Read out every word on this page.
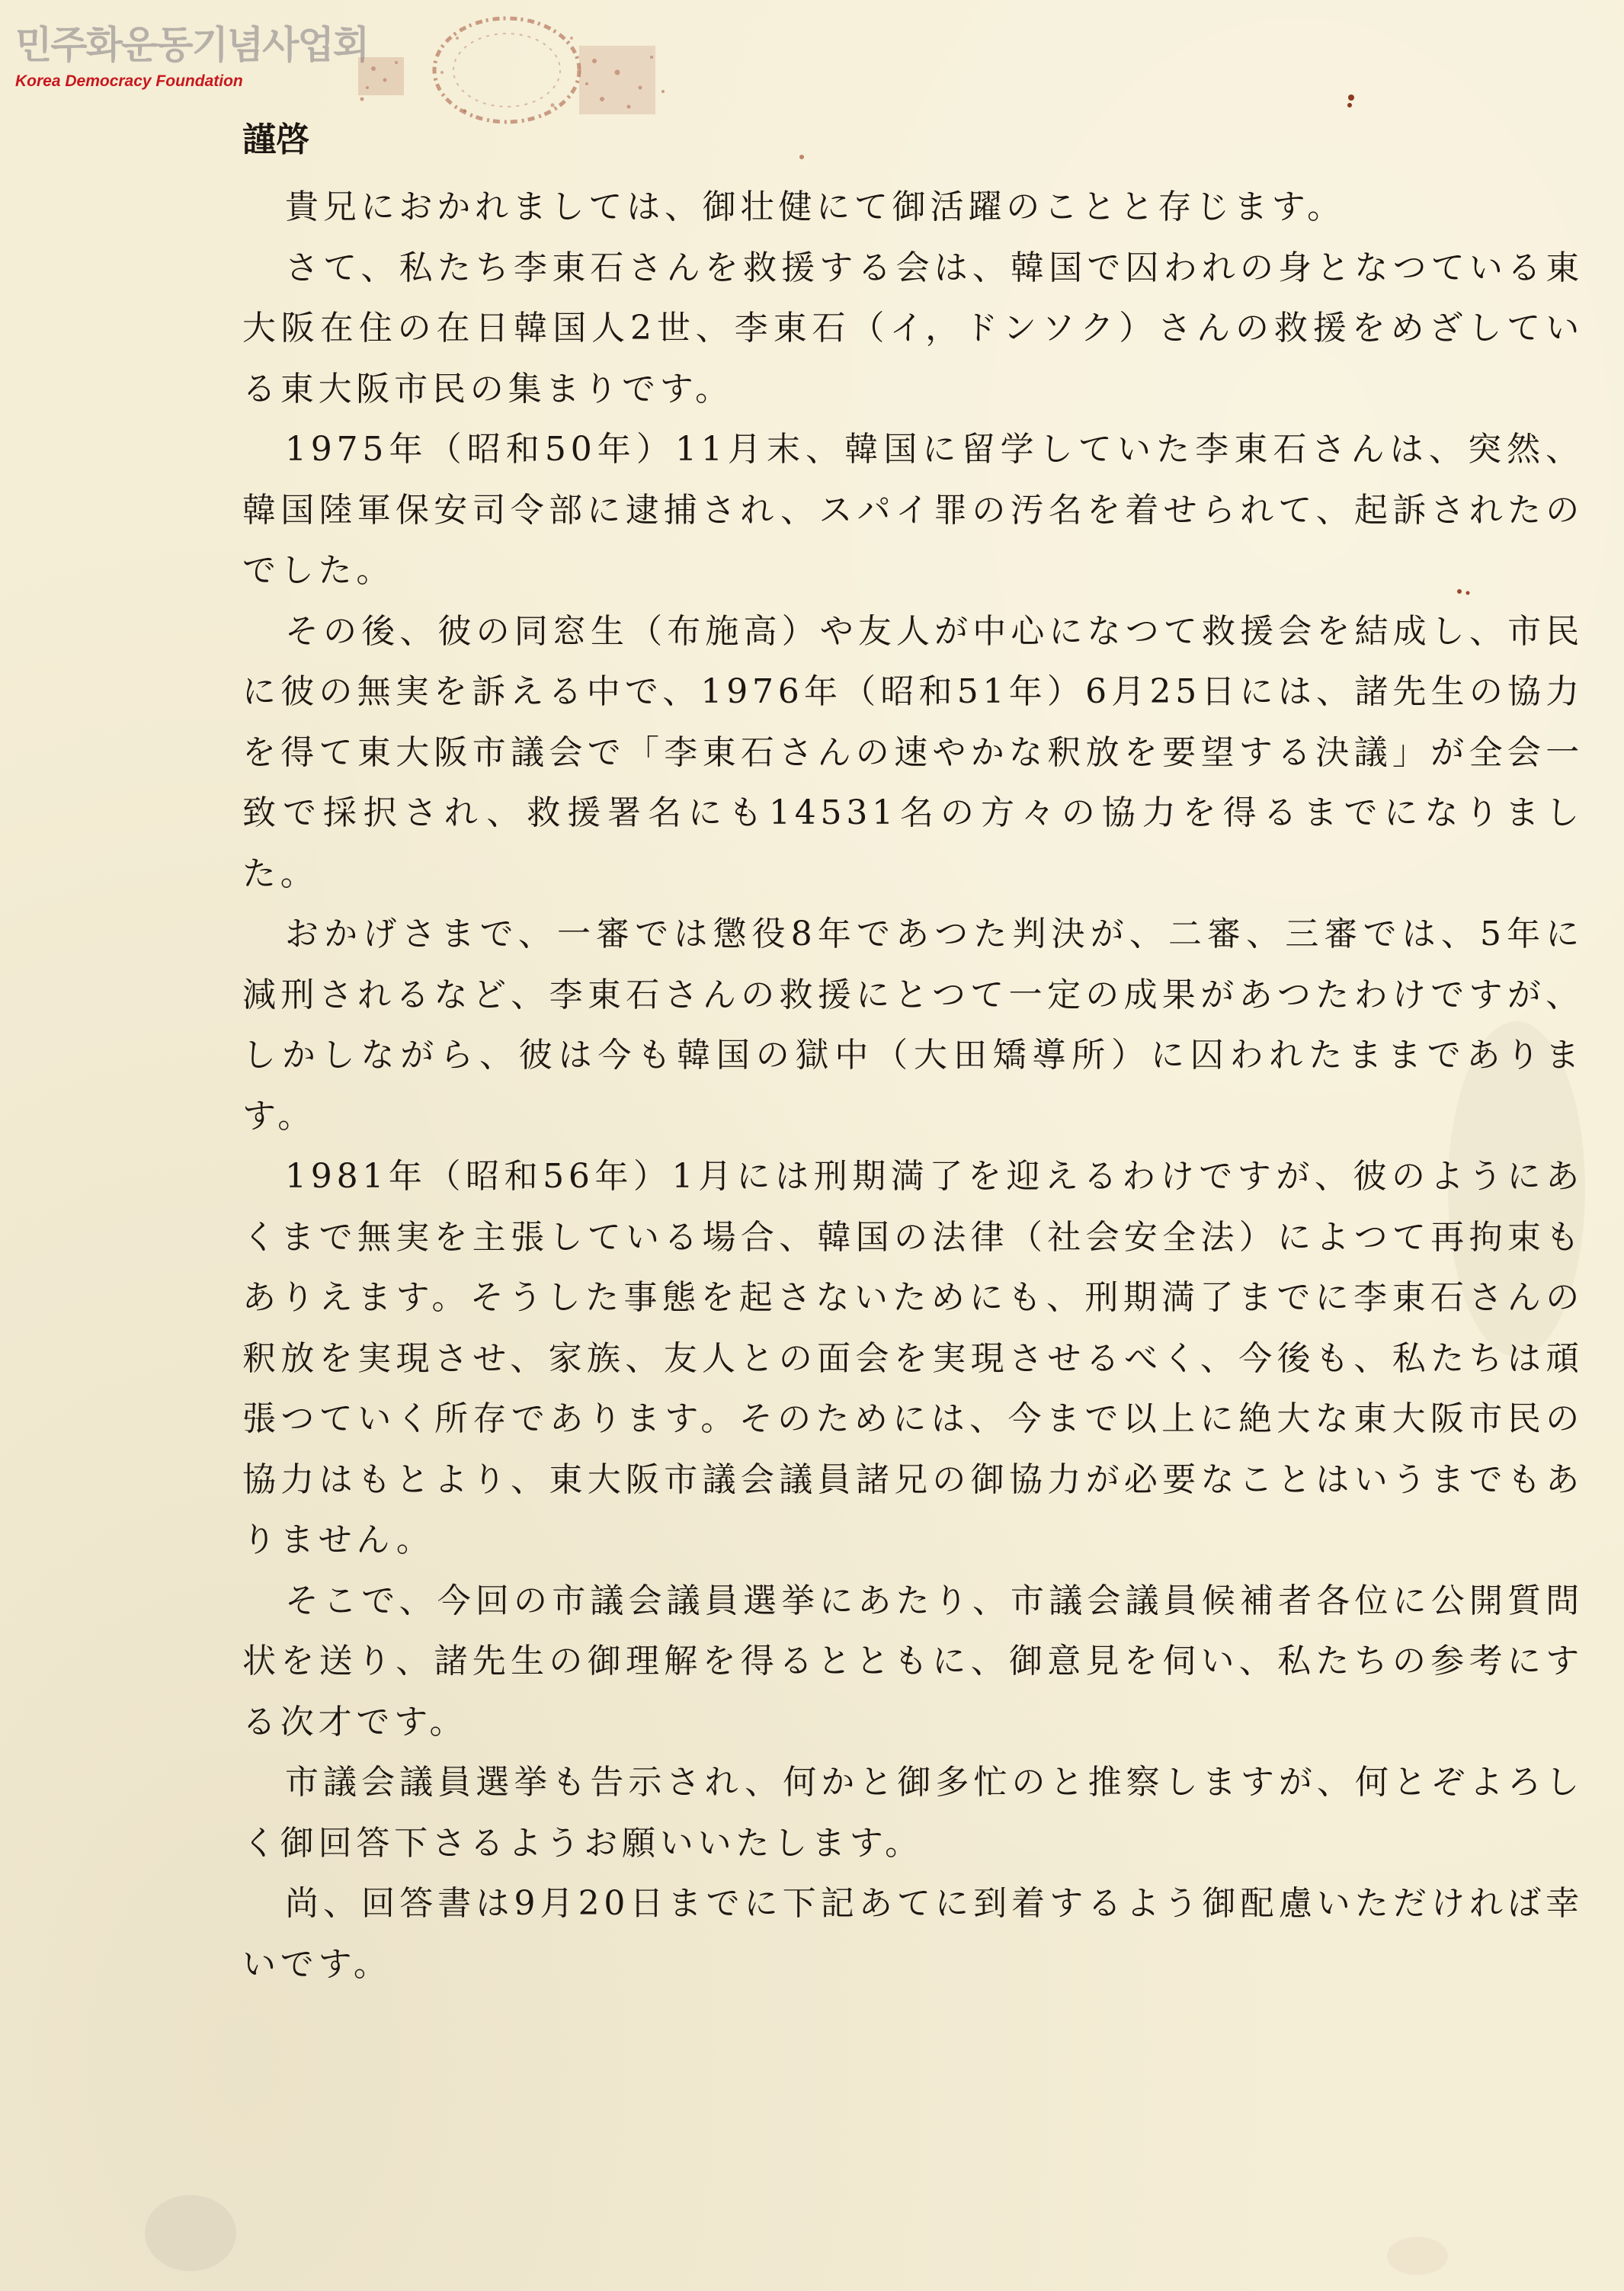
민주화운동기념사업회
Korea Democracy Foundation
謹啓

貴兄におかれましては、御壮健にて御活躍のことと存じます。

さて、私たち李東石さんを救援する会は、韓国で囚われの身となつている東大阪在住の在日韓国人2世、李東石（イ，ドンソク）さんの救援をめざしている東大阪市民の集まりです。

1975年（昭和50年）11月末、韓国に留学していた李東石さんは、突然、韓国陸軍保安司令部に逮捕され、スパイ罪の汚名を着せられて、起訴されたのでした。

その後、彼の同窓生（布施高）や友人が中心になつて救援会を結成し、市民に彼の無実を訴える中で、1976年（昭和51年）6月25日には、諸先生の協力を得て東大阪市議会で「李東石さんの速やかな釈放を要望する決議」が全会一致で採択され、救援署名にも14531名の方々の協力を得るまでになりました。

おかげさまで、一審では懲役8年であつた判決が、二審、三審では、5年に減刑されるなど、李東石さんの救援にとつて一定の成果があつたわけですが、しかしながら、彼は今も韓国の獄中（大田矯導所）に囚われたままであります。

1981年（昭和56年）1月には刑期満了を迎えるわけですが、彼のようにあくまで無実を主張している場合、韓国の法律（社会安全法）によつて再拘束もありえます。そうした事態を起さないためにも、刑期満了までに李東石さんの釈放を実現させ、家族、友人との面会を実現させるべく、今後も、私たちは頑張つていく所存であります。そのためには、今まで以上に絶大な東大阪市民の協力はもとより、東大阪市議会議員諸兄の御協力が必要なことはいうまでもありません。

そこで、今回の市議会議員選挙にあたり、市議会議員候補者各位に公開質問状を送り、諸先生の御理解を得るとともに、御意見を伺い、私たちの参考にする次才です。

市議会議員選挙も告示され、何かと御多忙のと推察しますが、何とぞよろしく御回答下さるようお願いいたします。

尚、回答書は9月20日までに下記あてに到着するよう御配慮いただければ幸いです。
